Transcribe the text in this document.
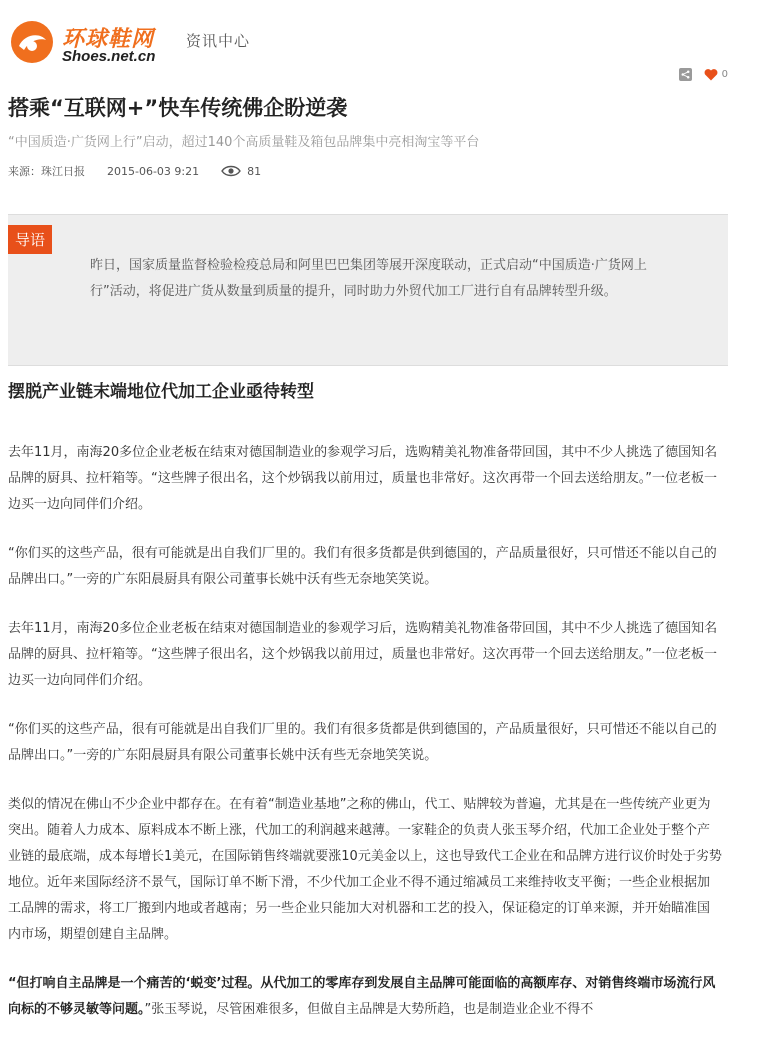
环球鞋网
Shoes.net.cn
资讯中心
0
搭乘“互联网+”快车传统佛企盼逆袭

“中国质造·广货网上行”启动，超过140个高质量鞋及箱包品牌集中亮相淘宝等平台

来源：珠江日报 2015-06-03 9:21	81
导语

昨日，国家质量监督检验检疫总局和阿里巴巴集团等展开深度联动，正式启动“中国质造·广货网上行”活动，将促进广货从数量到质量的提升，同时助力外贸代加工厂进行自有品牌转型升级。

摆脱产业链末端地位代加工企业亟待转型

去年11月，南海20多位企业老板在结束对德国制造业的参观学习后，选购精美礼物准备带回国，其中不少人挑选了德国知名品牌的厨具、拉杆箱等。“这些牌子很出名，这个炒锅我以前用过，质量也非常好。这次再带一个回去送给朋友。”一位老板一边买一边向同伴们介绍。

“你们买的这些产品，很有可能就是出自我们厂里的。我们有很多货都是供到德国的，产品质量很好，只可惜还不能以自己的品牌出口。”一旁的广东阳晨厨具有限公司董事长姚中沃有些无奈地笑笑说。

去年11月，南海20多位企业老板在结束对德国制造业的参观学习后，选购精美礼物准备带回国，其中不少人挑选了德国知名品牌的厨具、拉杆箱等。“这些牌子很出名，这个炒锅我以前用过，质量也非常好。这次再带一个回去送给朋友。”一位老板一边买一边向同伴们介绍。

“你们买的这些产品，很有可能就是出自我们厂里的。我们有很多货都是供到德国的，产品质量很好，只可惜还不能以自己的品牌出口。”一旁的广东阳晨厨具有限公司董事长姚中沃有些无奈地笑笑说。

类似的情况在佛山不少企业中都存在。在有着“制造业基地”之称的佛山，代工、贴牌较为普遍，尤其是在一些传统产业更为突出。随着人力成本、原料成本不断上涨，代加工的利润越来越薄。一家鞋企的负责人张玉琴介绍，代加工企业处于整个产业链的最底端，成本每增长1美元，在国际销售终端就要涨10元美金以上，这也导致代工企业在和品牌方进行议价时处于劣势地位。近年来国际经济不景气，国际订单不断下滑，不少代加工企业不得不通过缩减员工来维持收支平衡；一些企业根据加工品牌的需求，将工厂搬到内地或者越南；另一些企业只能加大对机器和工艺的投入，保证稳定的订单来源，并开始瞄准国内市场，期望创建自主品牌。

“但打响自主品牌是一个痛苦的‘蜕变’过程。从代加工的零库存到发展自主品牌可能面临的高额库存、对销售终端市场流行风向标的不够灵敏等问题。”张玉琴说，尽管困难很多，但做自主品牌是大势所趋，也是制造业企业不得不
